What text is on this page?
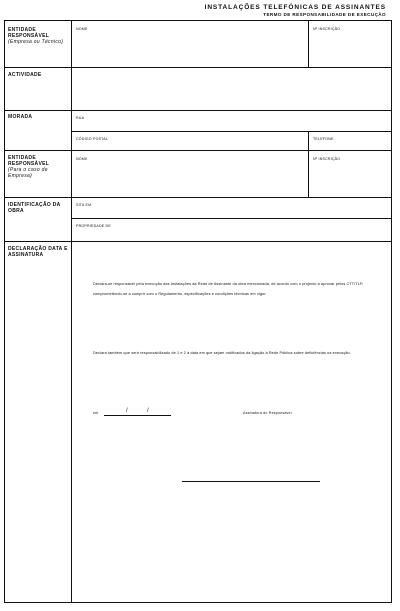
INSTALAÇÕES TELEFÓNICAS DE ASSINANTES
TERMO DE RESPONSABILIDADE DE EXECUÇÃO
ENTIDADE RESPONSÁVEL
(Empresa ou Técnico)
NOME	Nº INSCRIÇÃO
ACTIVIDADE
MORADA	RUA
CÓDIGO POSTAL	TELEFONE
ENTIDADE RESPONSÁVEL
(Para o caso de Empresa)
NOME	Nº INSCRIÇÃO
IDENTIFICAÇÃO DA OBRA
SITA EM
PROPRIEDADE DE
DECLARAÇÃO DATA E ASSINATURA
Declara-se responsável pela execução das Instalações da Rede de Assinante da obra mencionada, de acordo com o projecto a aprovar pelos CTT/TLP, comprometendo-se a cumprir com o Regulamento, especificações e condições técnicas em vigor.
Declara também que será responsabilizado de 1 e 2 à data em que sejam notificados da ligação à Rede Pública sobre deficiências na execução.
em	/	/	Assinatura do Responsável
